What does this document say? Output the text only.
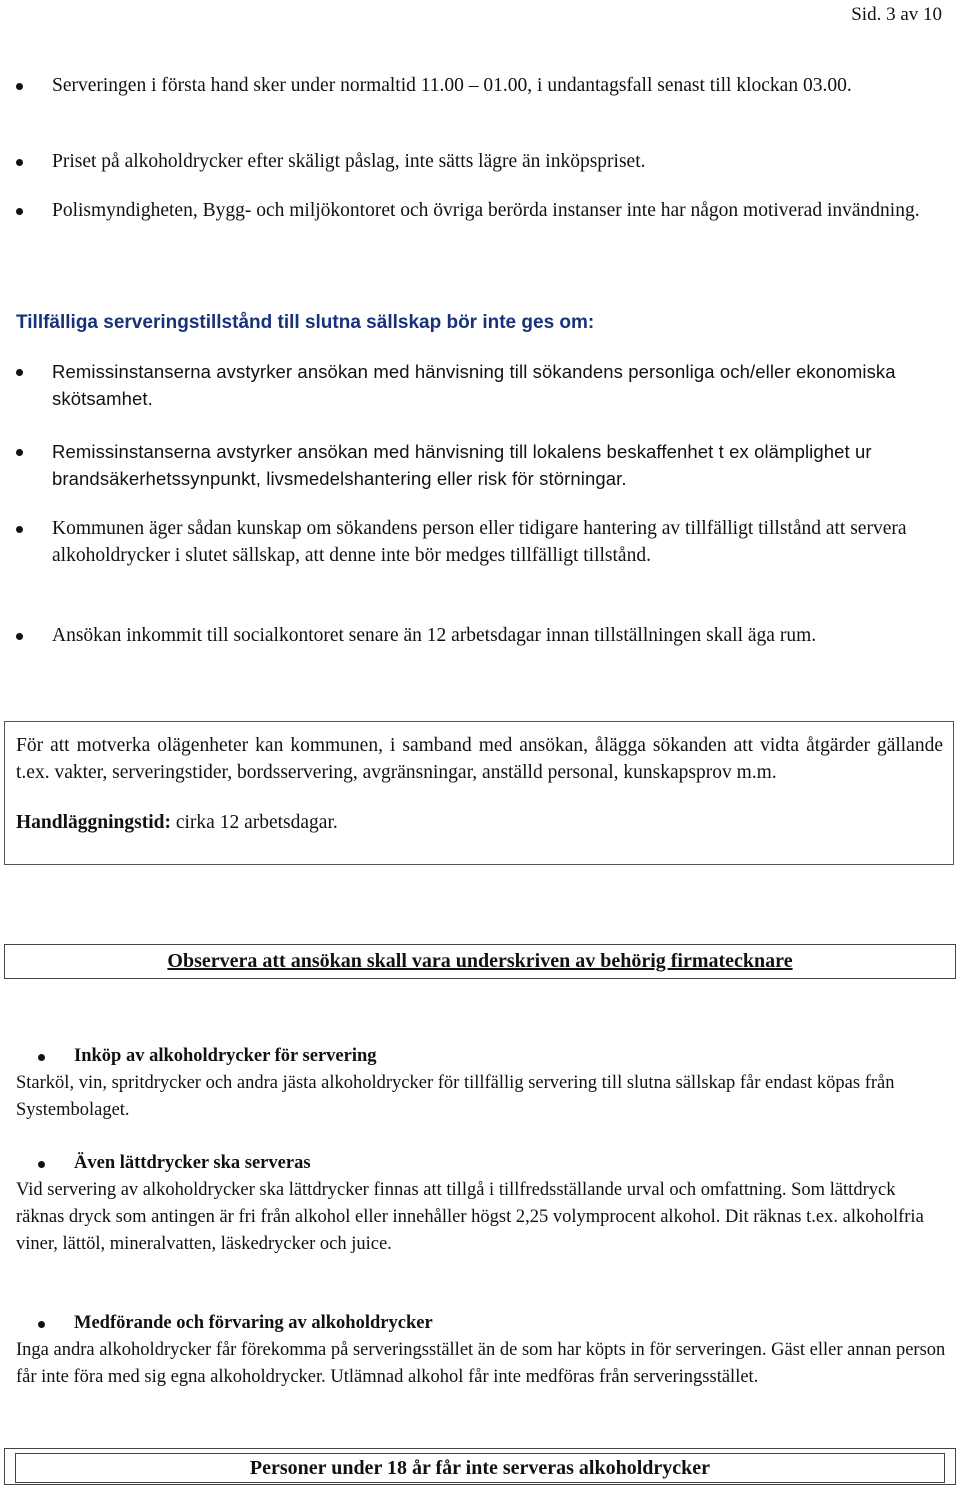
Sid. 3 av 10
Serveringen i första hand sker under normaltid 11.00 – 01.00, i undantagsfall senast till klockan 03.00.
Priset på alkoholdrycker efter skäligt påslag, inte sätts lägre än inköpspriset.
Polismyndigheten, Bygg- och miljökontoret och övriga berörda instanser inte har någon motiverad invändning.
Tillfälliga serveringstillstånd till slutna sällskap bör inte ges om:
Remissinstanserna avstyrker ansökan med hänvisning till sökandens personliga och/eller ekonomiska skötsamhet.
Remissinstanserna avstyrker ansökan med hänvisning till lokalens beskaffenhet t ex olämplighet ur brandsäkerhetssynpunkt, livsmedelshantering eller risk för störningar.
Kommunen äger sådan kunskap om sökandens person eller tidigare hantering av tillfälligt tillstånd att servera alkoholdrycker i slutet sällskap, att denne inte bör medges tillfälligt tillstånd.
Ansökan inkommit till socialkontoret senare än 12 arbetsdagar innan tillställningen skall äga rum.

För att motverka olägenheter kan kommunen, i samband med ansökan, ålägga sökanden att vidta åtgärder gällande t.ex. vakter, serveringstider, bordsservering, avgränsningar, anställd personal, kunskapsprov m.m.

Handläggningstid: cirka 12 arbetsdagar.

Observera att ansökan skall vara underskriven av behörig firmatecknare
Inköp av alkoholdrycker för servering
Starköl, vin, spritdrycker och andra jästa alkoholdrycker för tillfällig servering till slutna sällskap får endast köpas från Systembolaget.
Även lättdrycker ska serveras
Vid servering av alkoholdrycker ska lättdrycker finnas att tillgå i tillfredsställande urval och omfattning. Som lättdryck räknas dryck som antingen är fri från alkohol eller innehåller högst 2,25 volymprocent alkohol. Dit räknas t.ex. alkoholfria viner, lättöl, mineralvatten, läskedrycker och juice.
Medförande och förvaring av alkoholdrycker
Inga andra alkoholdrycker får förekomma på serveringsstället än de som har köpts in för serveringen. Gäst eller annan person får inte föra med sig egna alkoholdrycker. Utlämnad alkohol får inte medföras från serveringsstället.
Personer under 18 år får inte serveras alkoholdrycker
